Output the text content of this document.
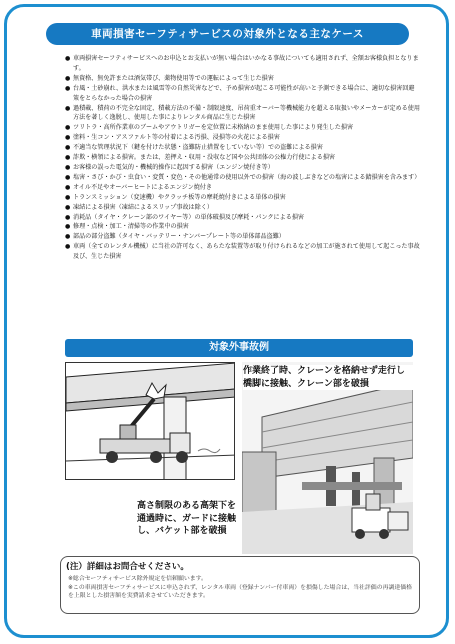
車両損害セーフティサービスの対象外となる主なケース
● 車両損害セーフティサービスへのお申込とお支払いが無い場合はいかなる事故についても適用されず、全額お客様負担となります。
● 無資格、無免許または酒気帯び、薬物使用等での運転によって生じた損害
● 台風・土砂崩れ、洪水または風雪等の自然災害などで、予め損害が起こる可能性が高いと予測できる場合に、適切な損害回避策をとらなかった場合の損害
● 過積載、積荷の不完全な固定、積載方法の不備・制限速度、吊荷重オーバー等機械能力を超える取扱いやメーカーが定める使用方法を著しく逸脱し、使用した事によりレンタル商品に生じた損害
● ツリトラ・高所作業車のブームやアウトリガーを定位置に未格納のまま使用した事により発生した損害
● 塗料・生コン・アスファルト等の付着による汚損、浸損等の火花による損害
● 不適当な管理状況下（鍵を付けた状態・盗難防止措置をしていない等）での盗難による損害
● 詐欺・横領による損害。または、差押え・収用・没収など国や公共団体の公権力行使による損害
● お客様の誤った電気的・機械的操作に起因する損害（エンジン焼付き等）
● 塩害・さび・かび・虫食い・変質・変色・その他通常の使用以外での損害（海の波しぶきなどの塩害による錆損害を含みます）
● オイル不足やオーバーヒートによるエンジン焼付き
● トランスミッション（変速機）やクラッチ板等の摩耗焼付きによる単体の損害
● 凍結による損害（凍結によるスリップ事故は除く）
● 消耗品（タイヤ・クレーン部のワイヤー等）の単体破損及び摩耗・パンクによる損害
● 修理・点検・加工・清掃等の作業中の損害
● 部品の部分盗難（タイヤ・バッテリー・ナンバープレート等の単体部品盗難）
● 車両（全てのレンタル機械）に当社の許可なく、あらたな装置等が取り付けられるなどの加工が施されて使用して起こった事故及び、生じた損害
対象外事故例
作業終了時、クレーンを格納せず走行し橋脚に接触、クレーン部を破損
高さ制限のある高架下を通過時に、ガードに接触し、バケット部を破損
(注）詳細はお問合せください。
※総合セーフティサービス除外規定を信頼願います。
※この車両損害セーフティサービスに申込されず、レンタル車両（登録ナンバー付車両）を損傷した場合は、当社評価の再調達価格を上限とした損害額を実費請求させていただきます。
